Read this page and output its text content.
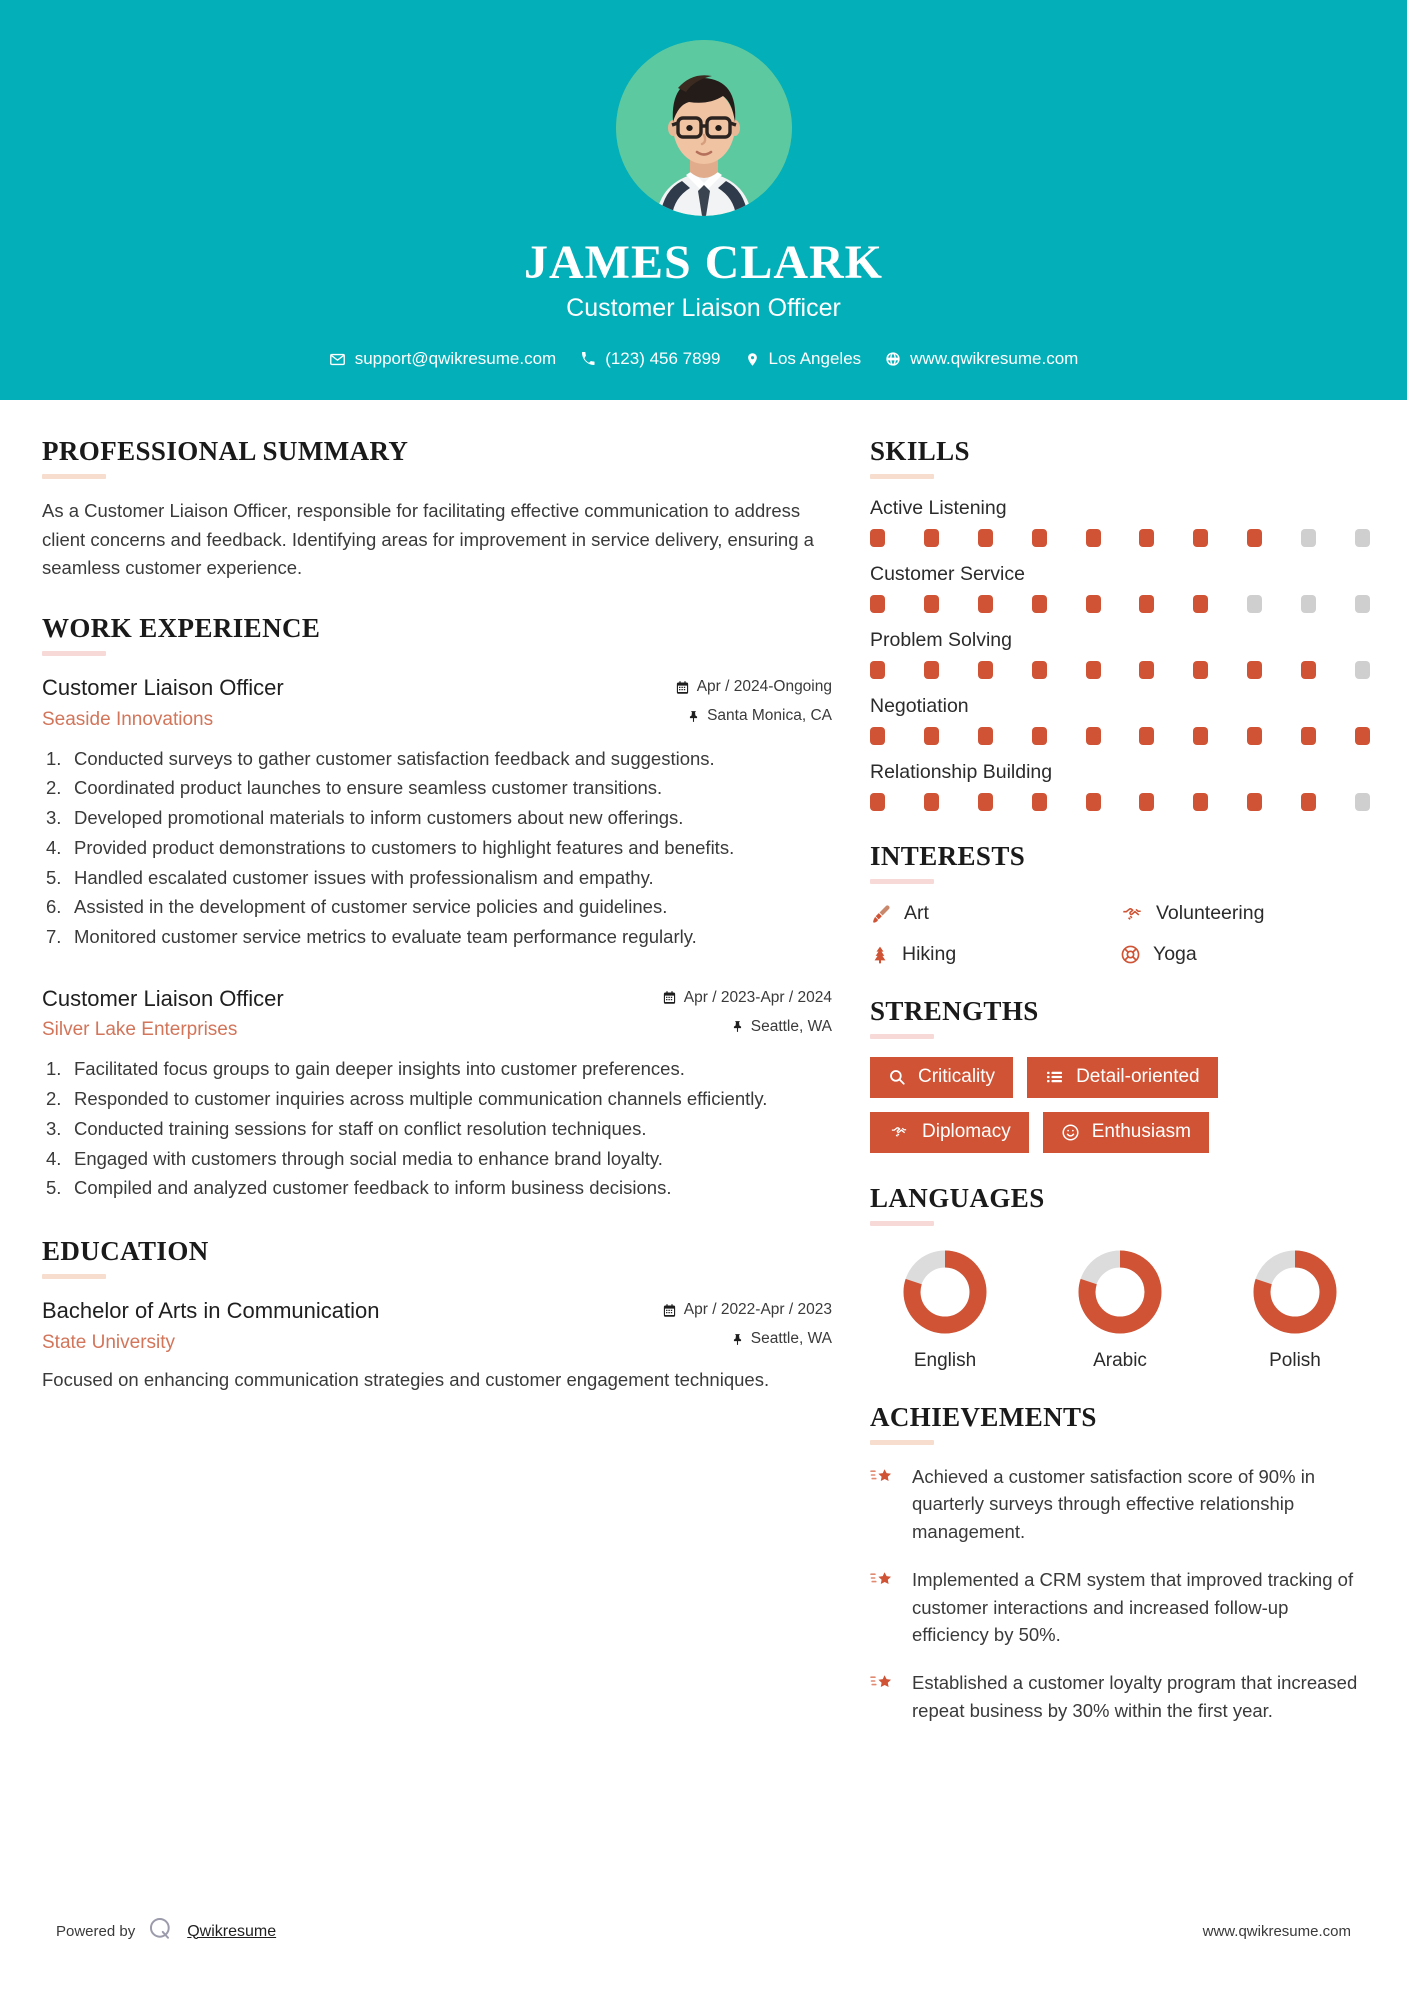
JAMES CLARK
Customer Liaison Officer
support@qwikresume.com	(123) 456 7899	Los Angeles	www.qwikresume.com
PROFESSIONAL SUMMARY
As a Customer Liaison Officer, responsible for facilitating effective communication to address client concerns and feedback. Identifying areas for improvement in service delivery, ensuring a seamless customer experience.
WORK EXPERIENCE
Customer Liaison Officer
Seaside Innovations
Apr / 2024-Ongoing
Santa Monica, CA
Conducted surveys to gather customer satisfaction feedback and suggestions.
Coordinated product launches to ensure seamless customer transitions.
Developed promotional materials to inform customers about new offerings.
Provided product demonstrations to customers to highlight features and benefits.
Handled escalated customer issues with professionalism and empathy.
Assisted in the development of customer service policies and guidelines.
Monitored customer service metrics to evaluate team performance regularly.
Customer Liaison Officer
Silver Lake Enterprises
Apr / 2023-Apr / 2024
Seattle, WA
Facilitated focus groups to gain deeper insights into customer preferences.
Responded to customer inquiries across multiple communication channels efficiently.
Conducted training sessions for staff on conflict resolution techniques.
Engaged with customers through social media to enhance brand loyalty.
Compiled and analyzed customer feedback to inform business decisions.
EDUCATION
Bachelor of Arts in Communication
State University
Apr / 2022-Apr / 2023
Seattle, WA
Focused on enhancing communication strategies and customer engagement techniques.
SKILLS
Active Listening
Customer Service
Problem Solving
Negotiation
Relationship Building
INTERESTS
Art	Volunteering
Hiking	Yoga
STRENGTHS
Criticality	Detail-oriented
Diplomacy	Enthusiasm
LANGUAGES
English	Arabic	Polish
ACHIEVEMENTS
Achieved a customer satisfaction score of 90% in quarterly surveys through effective relationship management.
Implemented a CRM system that improved tracking of customer interactions and increased follow-up efficiency by 50%.
Established a customer loyalty program that increased repeat business by 30% within the first year.
Powered by	Qwikresume	www.qwikresume.com
